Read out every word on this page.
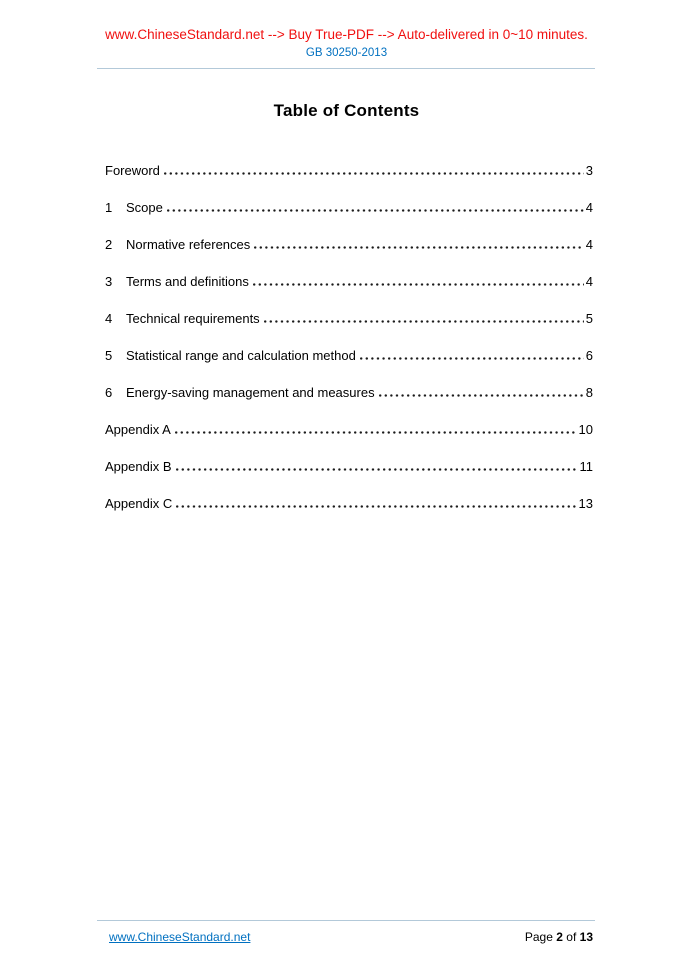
www.ChineseStandard.net --> Buy True-PDF --> Auto-delivered in 0~10 minutes.
GB 30250-2013
Table of Contents
Foreword	3
1	Scope	4
2	Normative references	4
3	Terms and definitions	4
4	Technical requirements	5
5	Statistical range and calculation method	6
6	Energy-saving management and measures	8
Appendix A	10
Appendix B	11
Appendix C	13
www.ChineseStandard.net	Page 2 of 13
